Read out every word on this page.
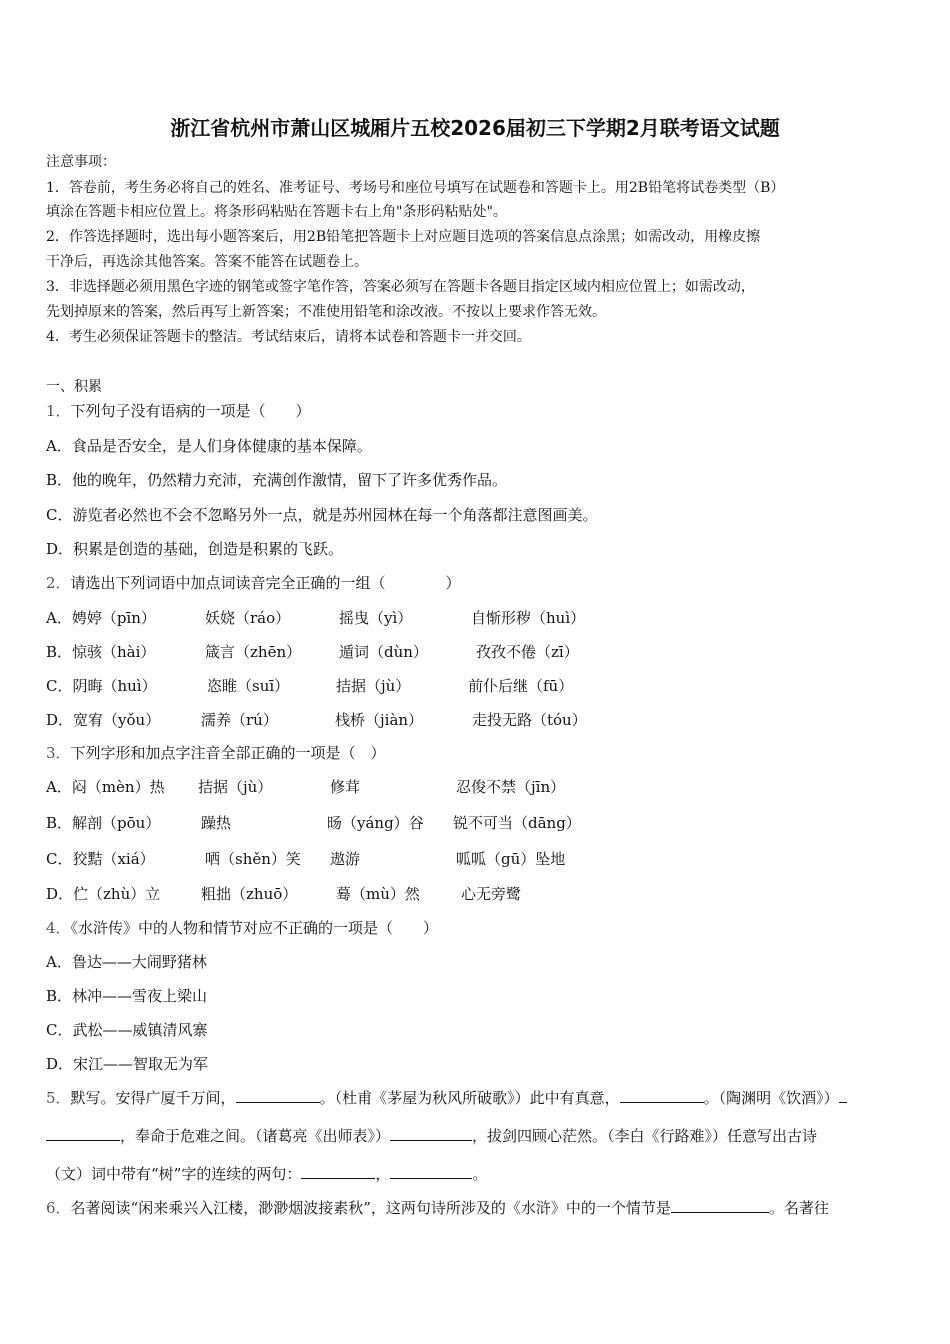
浙江省杭州市萧山区城厢片五校2026届初三下学期2月联考语文试题
注意事项：
1．答卷前，考生务必将自己的姓名、准考证号、考场号和座位号填写在试题卷和答题卡上。用2B铅笔将试卷类型（B）
填涂在答题卡相应位置上。将条形码粘贴在答题卡右上角"条形码粘贴处"。
2．作答选择题时，选出每小题答案后，用2B铅笔把答题卡上对应题目选项的答案信息点涂黑；如需改动，用橡皮擦
干净后，再选涂其他答案。答案不能答在试题卷上。
3．非选择题必须用黑色字迹的钢笔或签字笔作答，答案必须写在答题卡各题目指定区域内相应位置上；如需改动，
先划掉原来的答案，然后再写上新答案；不准使用铅笔和涂改液。不按以上要求作答无效。
4．考生必须保证答题卡的整洁。考试结束后，请将本试卷和答题卡一并交回。
一、积累
1．下列句子没有语病的一项是（　　）
A．食品是否安全，是人们身体健康的基本保障。
B．他的晚年，仍然精力充沛，充满创作激情，留下了许多优秀作品。
C．游览者必然也不会不忽略另外一点，就是苏州园林在每一个角落都注意图画美。
D．积累是创造的基础，创造是积累的飞跃。
2．请选出下列词语中加点词读音完全正确的一组（　　　　）
A．娉婷（pīn）	妖娆（ráo）	摇曳（yì）	自惭形秽（huì）
B．惊骇（hài）	箴言（zhēn）	遁词（dùn）	孜孜不倦（zī）
C．阴晦（huì）	恣睢（suī）	拮据（jù）	前仆后继（fū）
D．宽宥（yǒu）	濡养（rú）	栈桥（jiàn）	走投无路（tóu）
3．下列字形和加点字注音全部正确的一项是（　）
A．闷（mèn）热 拮据（jù）	修茸	忍俊不禁（jīn）
B．解剖（pōu）	躁热	旸（yáng）谷 锐不可当（dāng）
C．狡黠（xiá）	哂（shěn）笑 遨游	呱呱（gū）坠地
D．伫（zhù）立	粗拙（zhuō）	蓦（mù）然	心无旁鹭
4．《水浒传》中的人物和情节对应不正确的一项是（　　）
A．鲁达——大闹野猪林
B．林冲——雪夜上梁山
C．武松——威镇清风寨
D．宋江——智取无为军
5．默写。安得广厦千万间，	。（杜甫《茅屋为秋风所破歌》）此中有真意，	。（陶渊明《饮酒》）
，奉命于危难之间。（诸葛亮《出师表》）	，拔剑四顾心茫然。（李白《行路难》）任意写出古诗
（文）词中带有“树”字的连续的两句：	，	。
6．名著阅读“闲来乘兴入江楼，渺渺烟波接素秋”，这两句诗所涉及的《水浒》中的一个情节是	。名著往
